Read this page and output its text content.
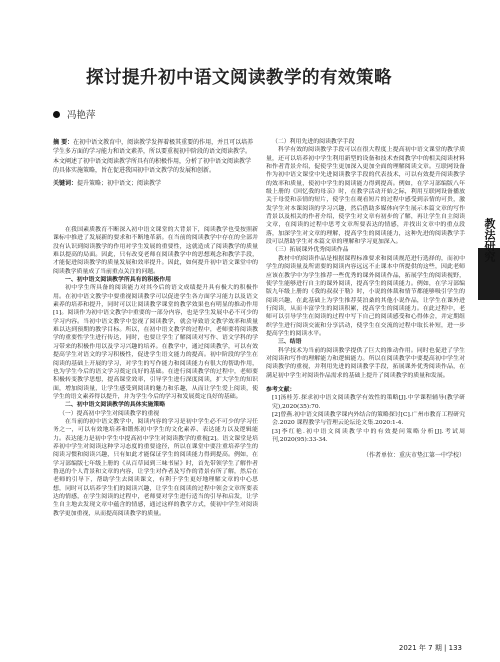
探讨提升初中语文阅读教学的有效策略
冯艳萍
摘 要：在初中语文教育中，阅读教学发挥着极其重要的作用，并且可以培养学生多方面的学习能力和语文素养，所以要重视初中阶段的语文阅读教学。本文阐述了初中语文阅读教学所具有的积极作用，分析了初中语文阅读教学的具体实施策略，旨在促进我国初中语文教学的发展和创新。
关键词：提升策略；初中语文；阅读教学

在我国素质教育不断深入初中语文课堂的大背景下，阅读教学也受按照新课标中推进了发展新的要求和不断地革新。在当前的阅读教学中存在的全部并没有认识到阅读教学的作用对学生发展的重要性，这就造成了阅读教学的质量难以提高的局面。因此，只有改变老师在阅读教学中的思想观念和教学手段，才能促进阅读教学的质量发展和效率提升。因此，如何提升初中语文课堂中的阅读教学质量成了当前重点关注的问题。

一、初中语文阅读教学所具有的积极作用

初中学生所具备的阅读能力对其今后的语文成绩提升具有极大的积极作用。在初中语文教学中要重视阅读教学可以促进学生各方面学习能力以及语文素养的培养和提升，同时可以让阅读教学课堂的教学效果也有明显的推动作用[1]。阅读作为初中语文教学中重要的一部分内容，也是学生发展中必不可少的学习内容。当初中语文教学中忽视了阅读教学，就会导致语文教学效率和质量难以达到预期的教学目标。所以，在初中语文教学的过程中，老师要将阅读教学的重要性学生进行传达，同时，也要让学生了解阅读对写作、语文学科的学习带来的积极作用以及学习兴趣的培养。在教学中，通过阅读教学，可以有效提高学生对语文的学习积极性，促进学生语文能力的提高。初中阶段的学生在阅读的基础上开展的学习，对学生的写作能力和阅读能力有很大的帮助作用，也为学生今后的语文学习奠定良好的基础。在进行阅读教学的过程中，老师要积极转变教学思想，提高课堂效率，引导学生进行深度阅读，扩大学生的知识面，增加阅读量，让学生感受到阅读的魅力和乐趣，从而让学生爱上阅读，使学生的语文素养得以提升，并为学生今后的学习和发展奠定良好的基础。

二、初中语文阅读教学的具体实施策略

（一）提高初中学生对阅读教学的重视

在当前的初中语文教学中，阅读内容的学习是初中学生必不可少的学习任务之一，可以有效地培养和锻炼初中学生的文化素养、表达能力以及逻辑能力。表达能力是初中学生中提高初中学生对阅读教学的重视[2]。语文课堂是培养初中学生对阅读这种学习态度的重要途径，所以在课堂中要注重培养学生的阅读习惯和阅读兴趣，只有如此才能保证学生的阅读能力得到提高。例如，在学习部编版七年级上册的《从百草园到三味书屋》时，首先带领学生了解作者鲁迅的个人背景和文章的内容，让学生对作者及写作的背景有所了解，然后在老师的引导下，帮助学生去阅读课文，有利于学生更好地理解文章的中心思想，同时可以培养学生们的阅读兴趣，让学生在阅读的过程中领会文章所要表达的情感，在学生阅读的过程中，老师要对学生进行适当的引导和启发，让学生自主地去发现文章中蕴含的情感，通过这样的教学方式，使初中学生对阅读教学更加重视，从而提高阅读教学的质量。

（二）利用先进的阅读教学手段

科学有效的阅读教学手段可以在很大程度上提高初中语文课堂的教学质量，还可以培养初中学生利用新型的设备和技术查阅教学中的相关阅读材料和作者背景介绍，促使学生更加深入更加全面的理解阅读文章。互联网设备作为初中语文课堂中先进阅读教学手段的代表技术，可以有效提升阅读教学的效率和质量，使初中学生的阅读能力得到提高。例如，在学习部编版八年级上册的《回忆我的母亲》时，在教学活动开始之际，利用互联网设备播放关于母爱和亲情的短片，使学生在观看短片的过程中感受到亲情的可贵，激发学生对本课阅读的学习兴趣，然后借助多媒体向学生展示本篇文章的写作背景以及相关的作者介绍，使学生对文章有初步的了解，再让学生自主阅读文章，在阅读的过程中思考文章所要表达的情感，并找出文章中的重点段落，加深学生对文章的理解，提高学生的阅读能力，这种先进的阅读教学手段可以帮助学生对本篇文章的理解和学习更加深入。

（三）拓展课外优秀阅读作品

教材中的阅读作品是根据课程标准要求和阅读规范进行选择的，而初中学生的阅读量及所需要的阅读内容远远不止课本中所提供的这些，因此老师应该在教学中为学生推荐一些优秀的课外阅读作品，拓展学生的阅读视野，使学生能够进行自主的课外阅读，提高学生的阅读能力。例如，在学习部编版九年级上册的《我的叔叔于勒》时，小说的体裁和情节都能够吸引学生的阅读兴趣，在此基础上为学生推荐莫泊桑的其他小说作品，让学生在课外进行阅读，从而丰富学生的阅读积累，提高学生的阅读能力。在此过程中，老师可以引导学生在阅读的过程中写下自己的阅读感受和心得体会，并定期组织学生进行阅读交流和分享活动，使学生在交流的过程中取长补短，进一步提高学生的阅读水平。

三、结语

科学技术为当前的阅读教学提供了巨大的推动作用。同时也促进了学生对阅读和写作的理解能力和逻辑能力。所以在阅读教学中要提高初中学生对阅读教学的重视，并利用先进的阅读教学手段，拓展课外优秀阅读作品，在满足初中学生对阅读作品需求的基础上提升了阅读教学的质量和发展。

参考文献：

[1]汤桂芳.探求初中语文阅读教学有效性的策略[J].中学课程辅导(教学研究),2020(35):70.

[2]曾燕.初中语文阅读教学课内外结合的策略探讨[C].广州市教育工程研究会.2020 课程教学与管理云论坛论文集.2020:1-4.

[3]李红艳.初中语文阅读教学中的有效提问策略分析[J].考试周刊,2020(95):33-34.

（作者单位：重庆市垫江第一中学校）
教法研究
2021 年 7 期 | 133
